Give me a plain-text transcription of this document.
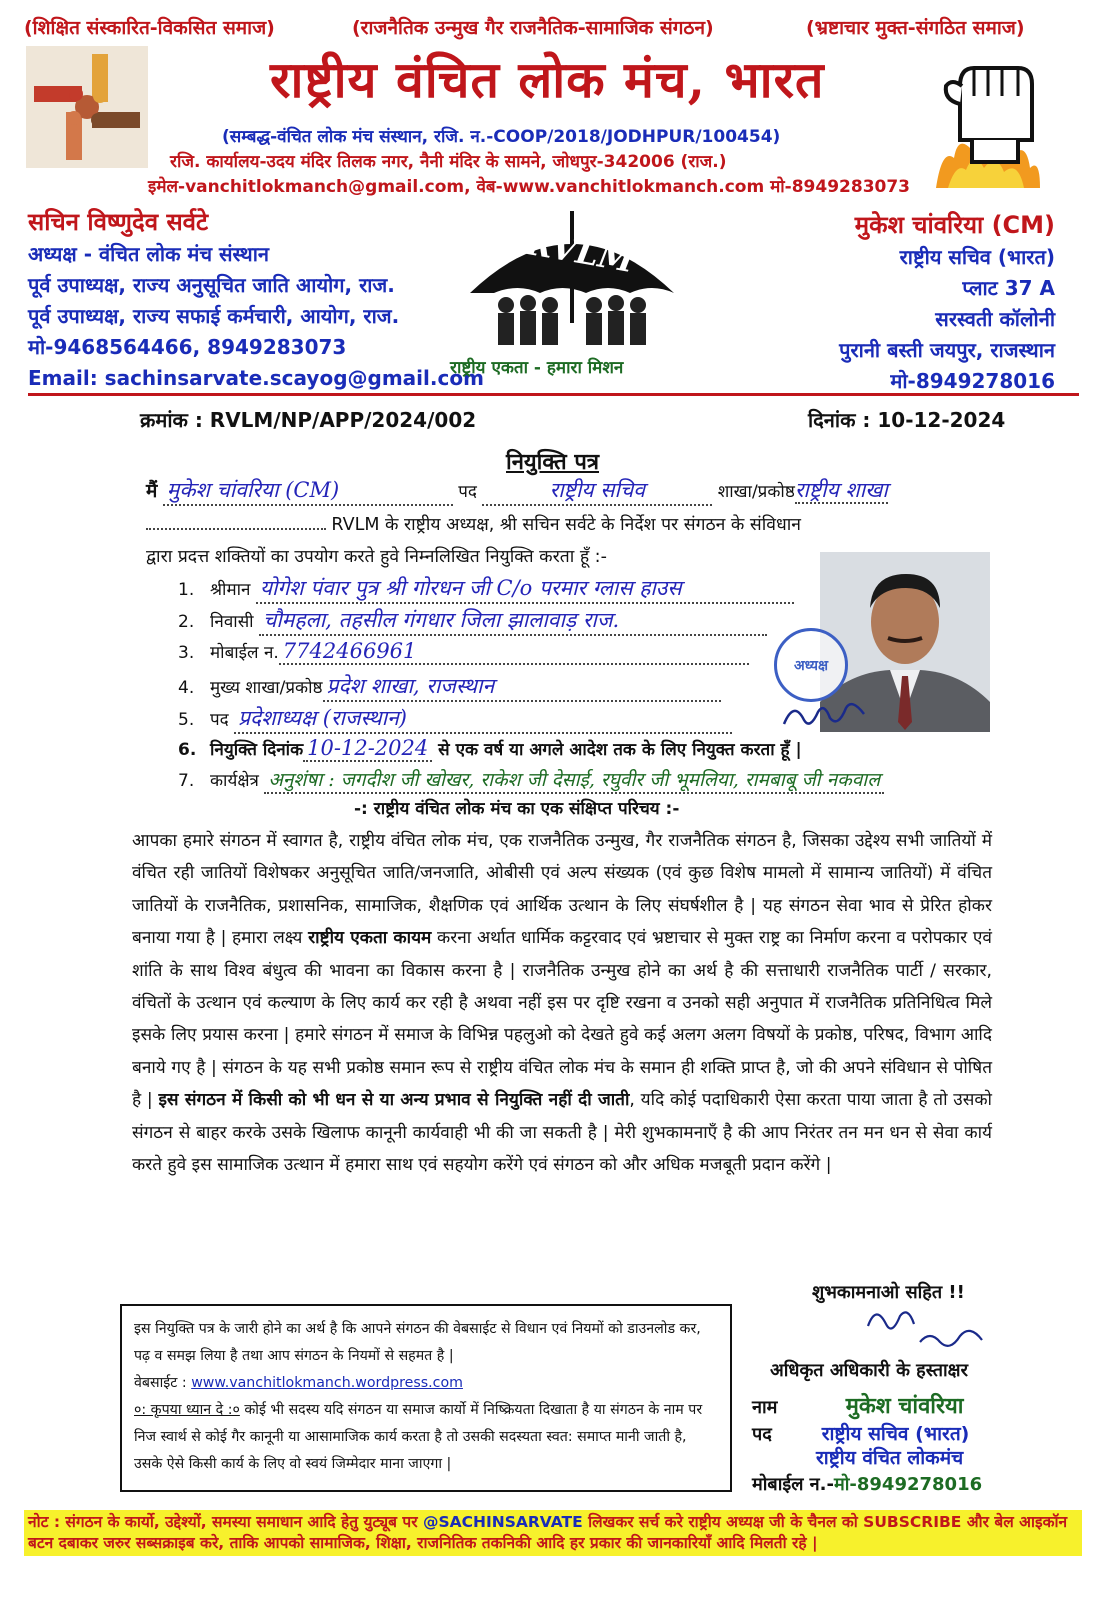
(शिक्षित संस्कारित-विकसित समाज)	(राजनैतिक उन्मुख गैर राजनैतिक-सामाजिक संगठन)	(भ्रष्टाचार मुक्त-संगठित समाज)
राष्ट्रीय वंचित लोक मंच, भारत
(सम्बद्ध-वंचित लोक मंच संस्थान, रजि. न.-COOP/2018/JODHPUR/100454)
रजि. कार्यालय-उदय मंदिर तिलक नगर, नैनी मंदिर के सामने, जोधपुर-342006 (राज.)
इमेल-vanchitlokmanch@gmail.com, वेब-www.vanchitlokmanch.com मो-8949283073
सचिन विष्णुदेव सर्वटे
अध्यक्ष - वंचित लोक मंच संस्थान
पूर्व उपाध्यक्ष, राज्य अनुसूचित जाति आयोग, राज.
पूर्व उपाध्यक्ष, राज्य सफाई कर्मचारी, आयोग, राज.
मो-9468564466, 8949283073
Email: sachinsarvate.scayog@gmail.com
RVLM
राष्ट्रीय एकता - हमारा मिशन
मुकेश चांवरिया (CM)
राष्ट्रीय सचिव (भारत)
प्लाट 37 A
सरस्वती कॉलोनी
पुरानी बस्ती जयपुर, राजस्थान
मो-8949278016
क्रमांक : RVLM/NP/APP/2024/002	दिनांक : 10-12-2024
नियुक्ति पत्र
मैं मुकेश चांवरिया (CM)	पद	राष्ट्रीय सचिव	शाखा/प्रकोष्ठराष्ट्रीय शाखा
RVLM के राष्ट्रीय अध्यक्ष, श्री सचिन सर्वटे के निर्देश पर संगठन के संविधान
द्वारा प्रदत्त शक्तियों का उपयोग करते हुवे निम्नलिखित नियुक्ति करता हूँ :-
1. श्रीमान योगेश पंवार पुत्र श्री गोरधन जी C/o परमार ग्लास हाउस
2. निवासी चौमहला, तहसील गंगधार जिला झालावाड़ राज.
3. मोबाईल न. 7742466961
4. मुख्य शाखा/प्रकोष्ठ प्रदेश शाखा, राजस्थान
5. पद प्रदेशाध्यक्ष (राजस्थान)
6. नियुक्ति दिनांक 10-12-2024 से एक वर्ष या अगले आदेश तक के लिए नियुक्त करता हूँ |
7. कार्यक्षेत्र अनुशंषा : जगदीश जी खोखर, राकेश जी देसाई, रघुवीर जी भूमलिया, रामबाबू जी नकवाल
अध्यक्ष
-: राष्ट्रीय वंचित लोक मंच का एक संक्षिप्त परिचय :-
आपका हमारे संगठन में स्वागत है, राष्ट्रीय वंचित लोक मंच, एक राजनैतिक उन्मुख, गैर राजनैतिक संगठन है, जिसका उद्देश्य सभी जातियों में वंचित रही जातियों विशेषकर अनुसूचित जाति/जनजाति, ओबीसी एवं अल्प संख्यक (एवं कुछ विशेष मामलो में सामान्य जातियों) में वंचित जातियों के राजनैतिक, प्रशासनिक, सामाजिक, शैक्षणिक एवं आर्थिक उत्थान के लिए संघर्षशील है | यह संगठन सेवा भाव से प्रेरित होकर बनाया गया है | हमारा लक्ष्य राष्ट्रीय एकता कायम करना अर्थात धार्मिक कट्टरवाद एवं भ्रष्टाचार से मुक्त राष्ट्र का निर्माण करना व परोपकार एवं शांति के साथ विश्व बंधुत्व की भावना का विकास करना है | राजनैतिक उन्मुख होने का अर्थ है की सत्ताधारी राजनैतिक पार्टी / सरकार, वंचितों के उत्थान एवं कल्याण के लिए कार्य कर रही है अथवा नहीं इस पर दृष्टि रखना व उनको सही अनुपात में राजनैतिक प्रतिनिधित्व मिले इसके लिए प्रयास करना | हमारे संगठन में समाज के विभिन्न पहलुओ को देखते हुवे कई अलग अलग विषयों के प्रकोष्ठ, परिषद, विभाग आदि बनाये गए है | संगठन के यह सभी प्रकोष्ठ समान रूप से राष्ट्रीय वंचित लोक मंच के समान ही शक्ति प्राप्त है, जो की अपने संविधान से पोषित है | इस संगठन में किसी को भी धन से या अन्य प्रभाव से नियुक्ति नहीं दी जाती, यदि कोई पदाधिकारी ऐसा करता पाया जाता है तो उसको संगठन से बाहर करके उसके खिलाफ कानूनी कार्यवाही भी की जा सकती है | मेरी शुभकामनाएँ है की आप निरंतर तन मन धन से सेवा कार्य करते हुवे इस सामाजिक उत्थान में हमारा साथ एवं सहयोग करेंगे एवं संगठन को और अधिक मजबूती प्रदान करेंगे |
इस नियुक्ति पत्र के जारी होने का अर्थ है कि आपने संगठन की वेबसाईट से विधान एवं नियमों को डाउनलोड कर, पढ़ व समझ लिया है तथा आप संगठन के नियमों से सहमत है |
वेबसाईट : www.vanchitlokmanch.wordpress.com
०: कृपया ध्यान दे :० कोई भी सदस्य यदि संगठन या समाज कार्यो में निष्क्रियता दिखाता है या संगठन के नाम पर निज स्वार्थ से कोई गैर कानूनी या आसामाजिक कार्य करता है तो उसकी सदस्यता स्वत: समाप्त मानी जाती है, उसके ऐसे किसी कार्य के लिए वो स्वयं जिम्मेदार माना जाएगा |
शुभकामनाओ सहित !!
अधिकृत अधिकारी के हस्ताक्षर
नाम	मुकेश चांवरिया
पद	राष्ट्रीय सचिव (भारत)
राष्ट्रीय वंचित लोकमंच
मोबाईल न.-मो-8949278016
नोट : संगठन के कार्यो, उद्देश्यों, समस्या समाधान आदि हेतु युट्यूब पर @SACHINSARVATE लिखकर सर्च करे राष्ट्रीय अध्यक्ष जी के चैनल को SUBSCRIBE और बेल आइकॉन बटन दबाकर जरुर सब्सक्राइब करे, ताकि आपको सामाजिक, शिक्षा, राजनितिक तकनिकी आदि हर प्रकार की जानकारियाँ आदि मिलती रहे |
